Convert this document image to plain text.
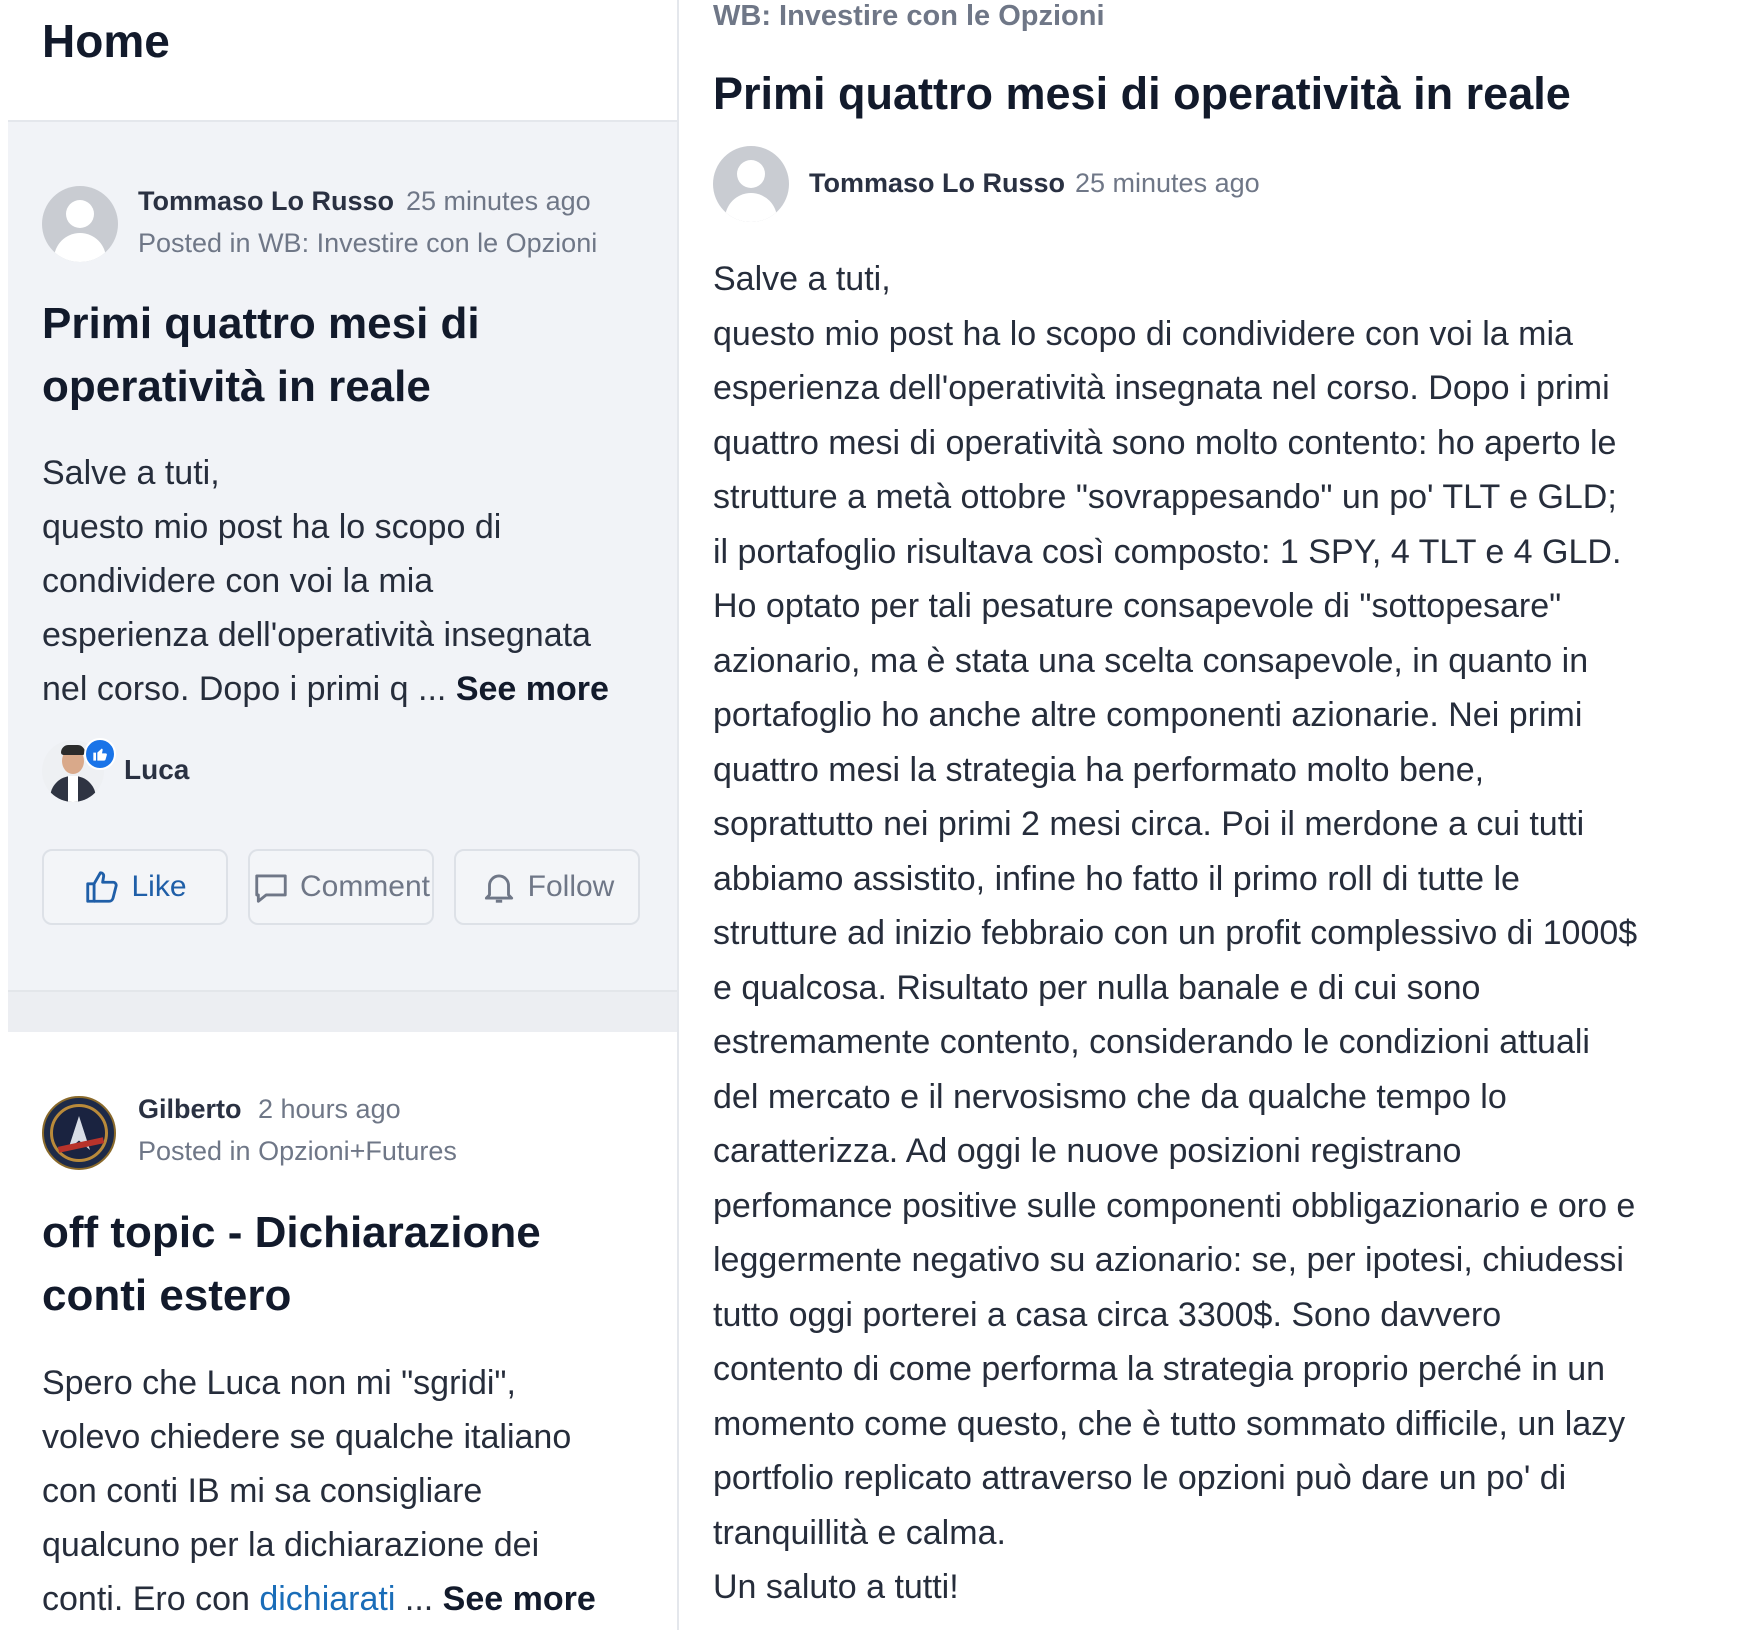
Home
Tommaso Lo Russo 25 minutes ago
Posted in WB: Investire con le Opzioni
Primi quattro mesi di
operatività in reale

Salve a tuti,
questo mio post ha lo scopo di
condividere con voi la mia
esperienza dell'operatività insegnata
nel corso. Dopo i primi q ... See more

Luca
Like	Comment	Follow
Gilberto 2 hours ago
Posted in Opzioni+Futures
off topic - Dichiarazione
conti estero

Spero che Luca non mi "sgridi",
volevo chiedere se qualche italiano
con conti IB mi sa consigliare
qualcuno per la dichiarazione dei
conti. Ero con dichiarati ... See more

WB: Investire con le Opzioni
Primi quattro mesi di operatività in reale
Tommaso Lo Russo 25 minutes ago

Salve a tuti,

questo mio post ha lo scopo di condividere con voi la mia

esperienza dell'operatività insegnata nel corso. Dopo i primi

quattro mesi di operatività sono molto contento: ho aperto le

strutture a metà ottobre "sovrappesando" un po' TLT e GLD;

il portafoglio risultava così composto: 1 SPY, 4 TLT e 4 GLD.

Ho optato per tali pesature consapevole di "sottopesare"

azionario, ma è stata una scelta consapevole, in quanto in

portafoglio ho anche altre componenti azionarie. Nei primi

quattro mesi la strategia ha performato molto bene,

soprattutto nei primi 2 mesi circa. Poi il merdone a cui tutti

abbiamo assistito, infine ho fatto il primo roll di tutte le

strutture ad inizio febbraio con un profit complessivo di 1000$

e qualcosa. Risultato per nulla banale e di cui sono

estremamente contento, considerando le condizioni attuali

del mercato e il nervosismo che da qualche tempo lo

caratterizza. Ad oggi le nuove posizioni registrano

perfomance positive sulle componenti obbligazionario e oro e

leggermente negativo su azionario: se, per ipotesi, chiudessi

tutto oggi porterei a casa circa 3300$. Sono davvero

contento di come performa la strategia proprio perché in un

momento come questo, che è tutto sommato difficile, un lazy

portfolio replicato attraverso le opzioni può dare un po' di

tranquillità e calma.

Un saluto a tutti!
